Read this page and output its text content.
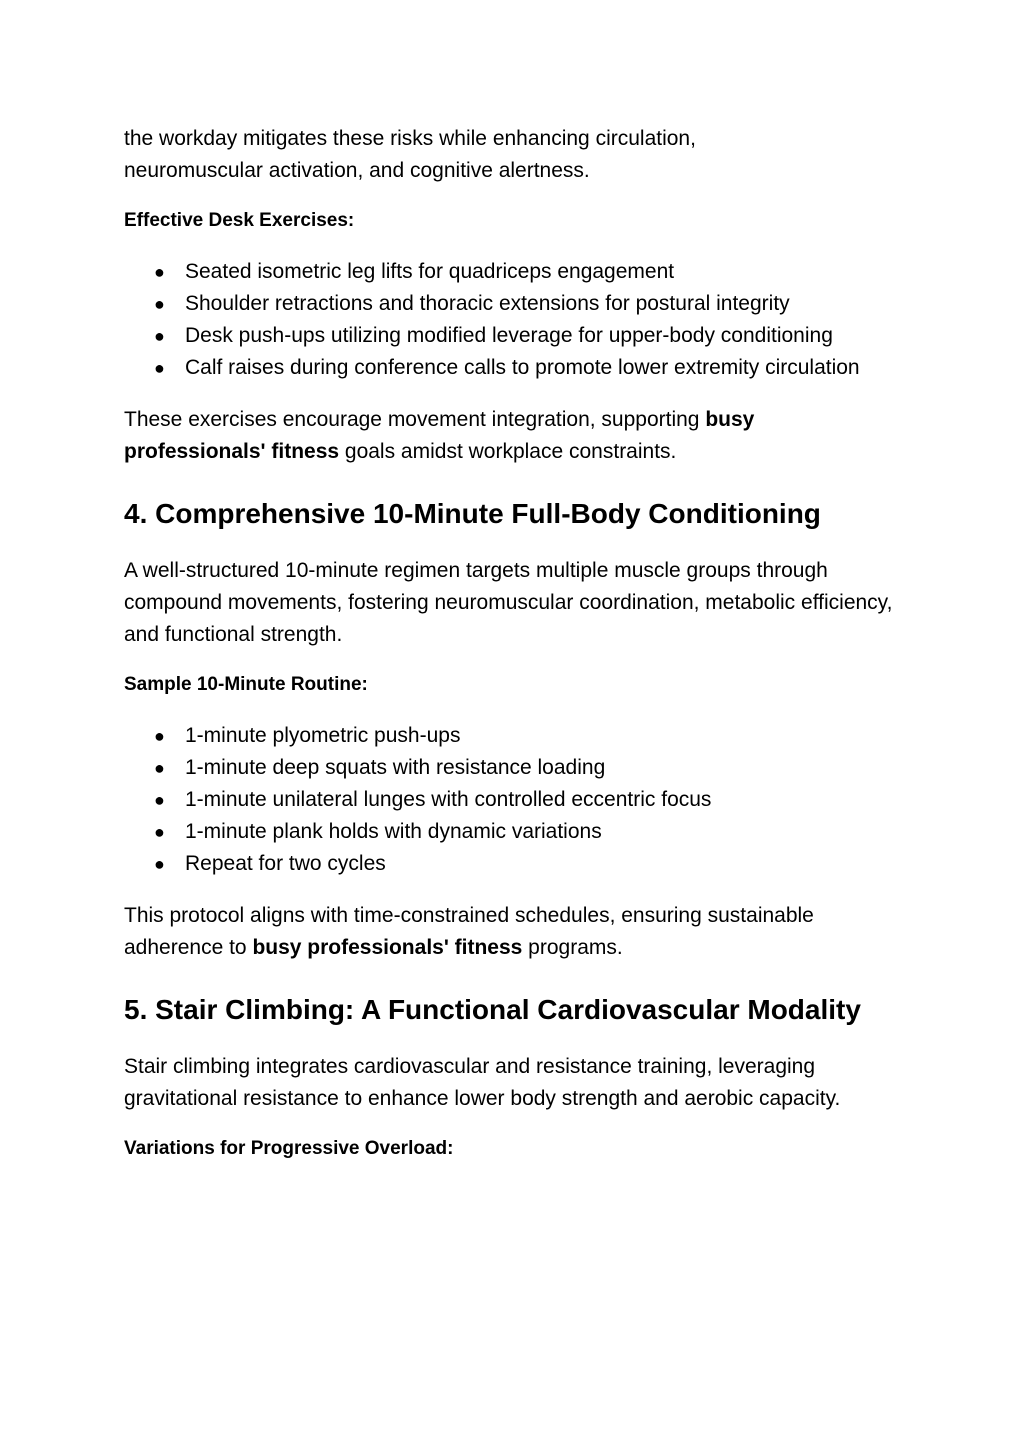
the workday mitigates these risks while enhancing circulation,
neuromuscular activation, and cognitive alertness.

Effective Desk Exercises:

● Seated isometric leg lifts for quadriceps engagement
● Shoulder retractions and thoracic extensions for postural integrity
● Desk push-ups utilizing modified leverage for upper-body conditioning
● Calf raises during conference calls to promote lower extremity circulation

These exercises encourage movement integration, supporting busy professionals' fitness goals amidst workplace constraints.

4. Comprehensive 10-Minute Full-Body Conditioning

A well-structured 10-minute regimen targets multiple muscle groups through compound movements, fostering neuromuscular coordination, metabolic efficiency, and functional strength.

Sample 10-Minute Routine:

● 1-minute plyometric push-ups
● 1-minute deep squats with resistance loading
● 1-minute unilateral lunges with controlled eccentric focus
● 1-minute plank holds with dynamic variations
● Repeat for two cycles

This protocol aligns with time-constrained schedules, ensuring sustainable adherence to busy professionals' fitness programs.

5. Stair Climbing: A Functional Cardiovascular Modality

Stair climbing integrates cardiovascular and resistance training, leveraging gravitational resistance to enhance lower body strength and aerobic capacity.

Variations for Progressive Overload:
